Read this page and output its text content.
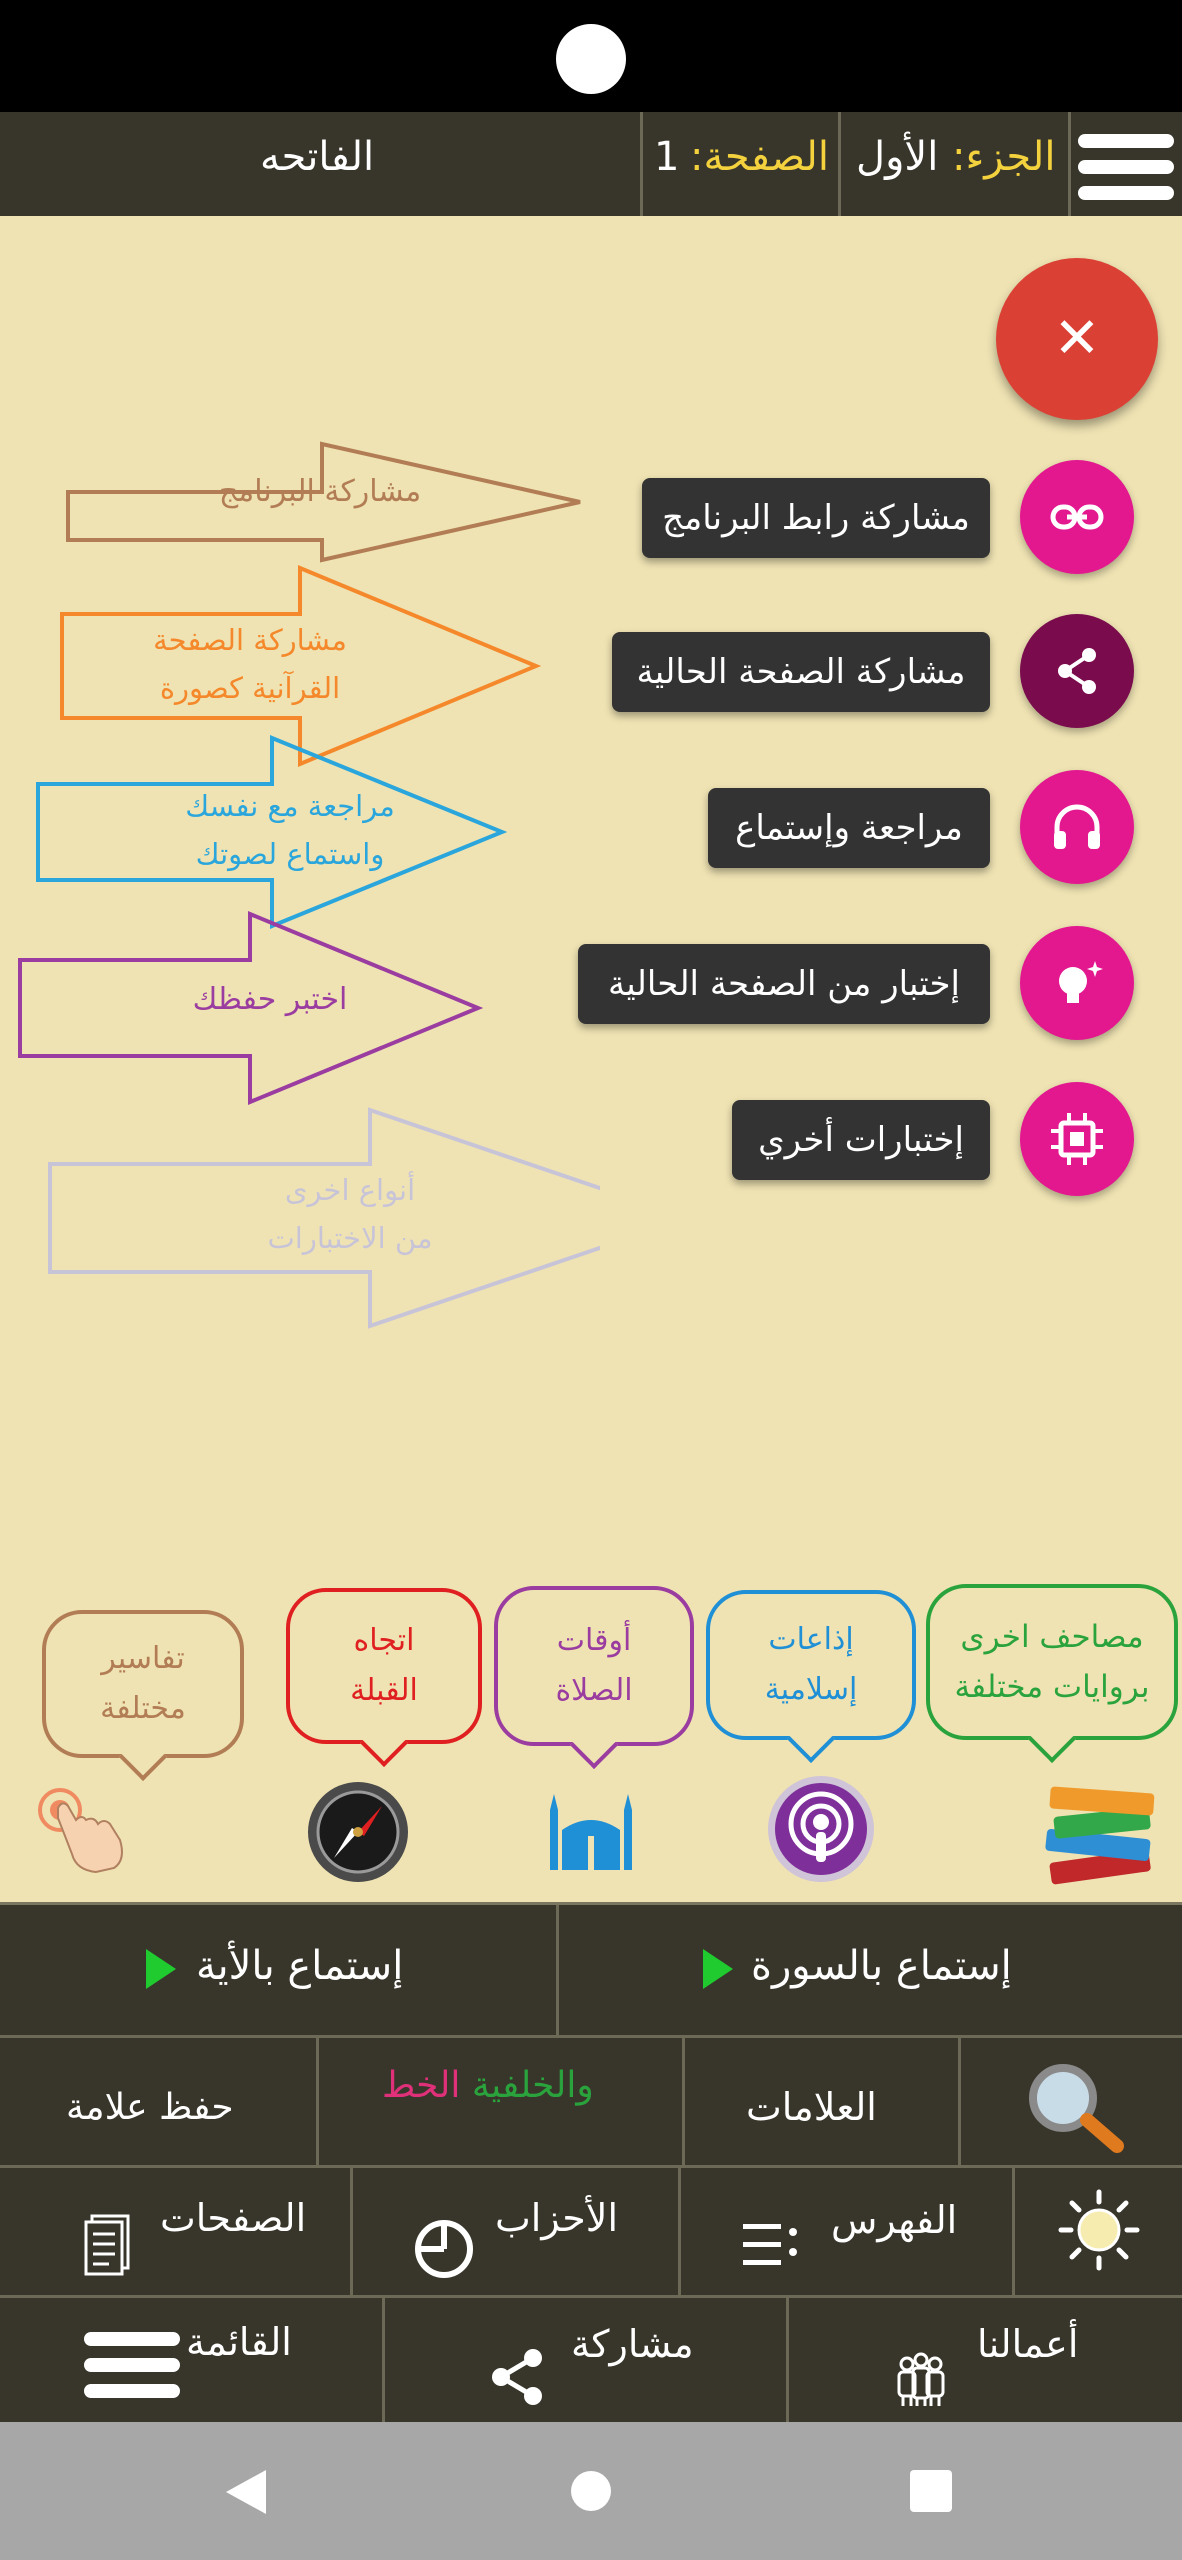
الفاتحه	1 الصفحة: الأول الجزء:
مشاركة البرنامج
مشاركة الصفحة
القرآنية كصورة
مراجعة مع نفسك
واستماع لصوتك
اختبر حفظك
أنواع اخرى
من الاختبارات
✕
مشاركة رابط البرنامج
مشاركة الصفحة الحالية
مراجعة وإستماع
إختبار من الصفحة الحالية
إختبارات أخري
تفاسير
مختلفة
اتجاه
القبلة
أوقات
الصلاة
إذاعات
إسلامية
مصاحف اخرى
بروايات مختلفة
إستماع بالسورة
إستماع بالأية
العلامات
والخلفية الخط
حفظ علامة
الفهرس
الأحزاب
الصفحات
أعمالنا
مشاركة
القائمة
